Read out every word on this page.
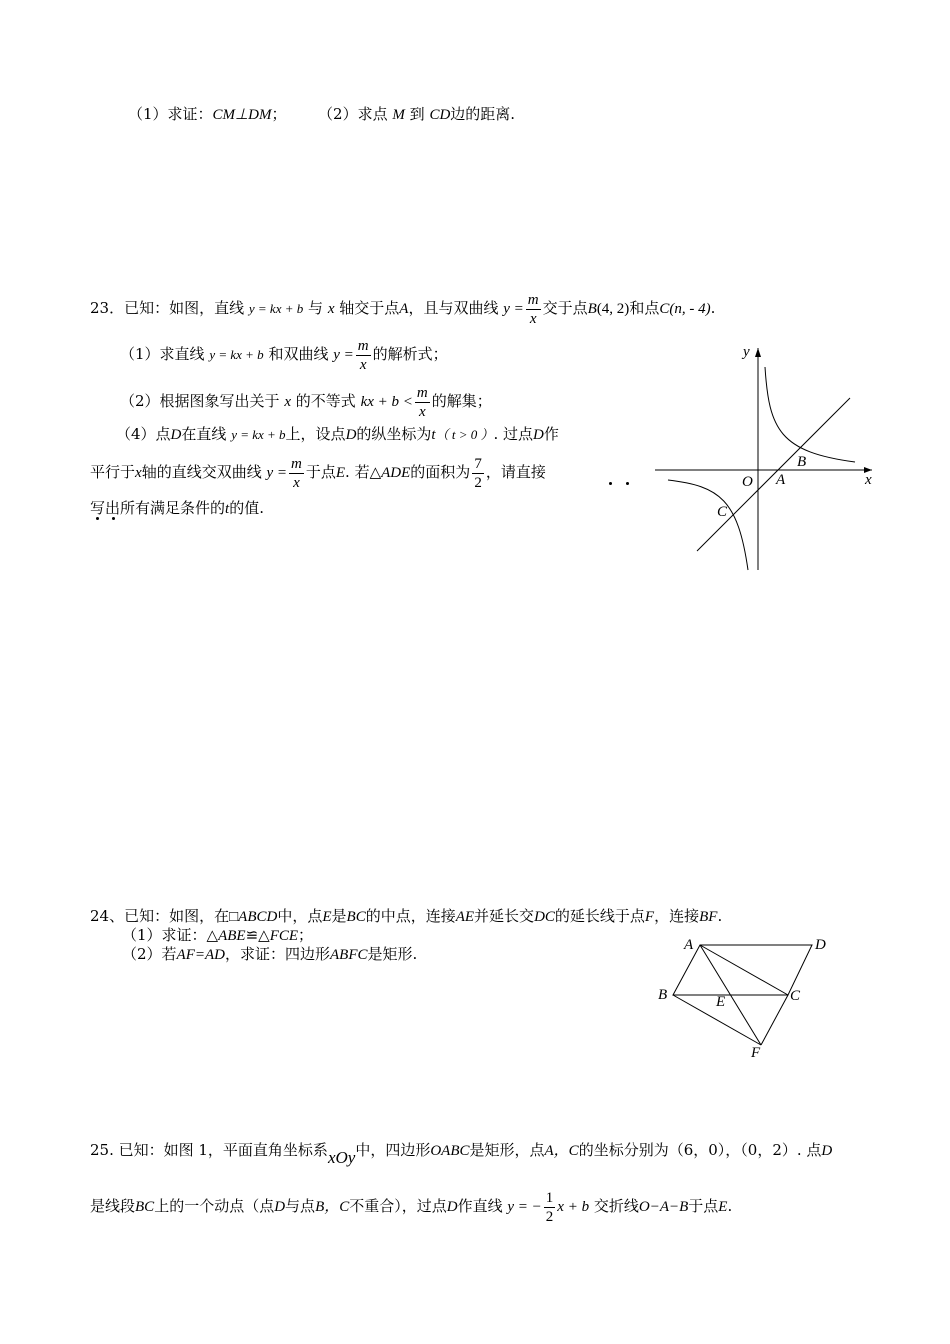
（1）求证：CM⊥DM； （2）求点 M 到 CD边的距离.
23．已知：如图，直线 y = kx + b 与 x 轴交于点A，且与双曲线 $y = \frac{m}{x}$ 交于点B(4, 2)和点C(n, - 4).
（1）求直线 y = kx + b 和双曲线 $y = \frac{m}{x}$ 的解析式；
（2）根据图象写出关于 x 的不等式 kx + $b < \frac{m}{x}$ 的解集；
（4）点D在直线 y = kx + b上，设点D的纵坐标为t（ t > 0 ）. 过点D作
平行于x轴的直线交双曲线 $y = \frac{m}{x}$ 于点E. 若△ADE的面积为 $\frac{7}{2}$ ，请直接
写出所有满足条件的t的值.
y
x
O A
B
C
24、已知：如图，在□ABCD中，点E是BC的中点，连接AE并延长交DC的延长线于点F，连接BF.
（1）求证：△ABE≌△FCE；
（2）若AF=AD，求证：四边形ABFC是矩形.	A	D
B	E	C
F
25. 已知：如图 1，平面直角坐标系xOy中，四边形OABC是矩形，点A，C的坐标分别为（6，0），（0，2）. 点D
是线段BC上的一个动点（点D与点B，C不重合），过点D作直线 y = − $\frac{1}{2}$ x + b 交折线O−A−B于点E.
